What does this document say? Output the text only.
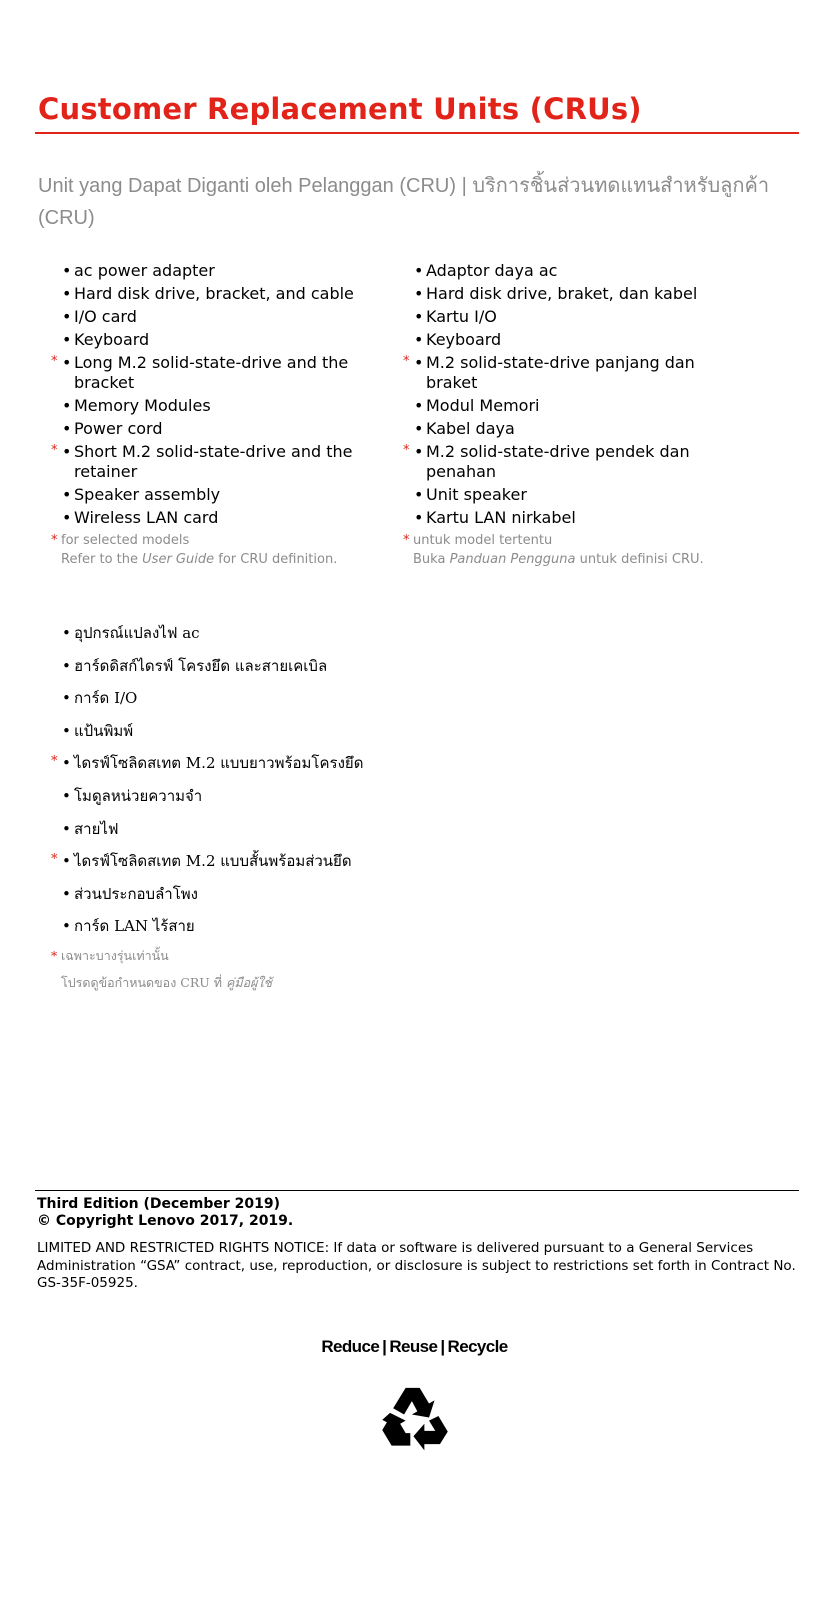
Customer Replacement Units (CRUs)

Unit yang Dapat Diganti oleh Pelanggan (CRU) | บริการชิ้นส่วนทดแทนสำหรับลูกค้า (CRU)

• ac power adapter
• Hard disk drive, bracket, and cable
• I/O card
• Keyboard
* • Long M.2 solid-state-drive and the bracket
• Memory Modules
• Power cord
* • Short M.2 solid-state-drive and the retainer
• Speaker assembly
• Wireless LAN card
* for selected models
Refer to the User Guide for CRU definition.
• Adaptor daya ac
• Hard disk drive, braket, dan kabel
• Kartu I/O
• Keyboard
* • M.2 solid-state-drive panjang dan braket
• Modul Memori
• Kabel daya
* • M.2 solid-state-drive pendek dan penahan
• Unit speaker
• Kartu LAN nirkabel
* untuk model tertentu
Buka Panduan Pengguna untuk definisi CRU.
• อุปกรณ์แปลงไฟ ac
• ฮาร์ดดิสก์ไดรฟ์ โครงยึด และสายเคเบิล
• การ์ด I/O
• แป้นพิมพ์
* • ไดรฟ์โซลิดสเทต M.2 แบบยาวพร้อมโครงยึด
• โมดูลหน่วยความจำ
• สายไฟ
* • ไดรฟ์โซลิดสเทต M.2 แบบสั้นพร้อมส่วนยึด
• ส่วนประกอบลำโพง
• การ์ด LAN ไร้สาย
* เฉพาะบางรุ่นเท่านั้น
โปรดดูข้อกำหนดของ CRU ที่ คู่มือผู้ใช้

Third Edition (December 2019)

© Copyright Lenovo 2017, 2019.

LIMITED AND RESTRICTED RIGHTS NOTICE: If data or software is delivered pursuant to a General Services Administration “GSA” contract, use, reproduction, or disclosure is subject to restrictions set forth in Contract No. GS-35F-05925.

Reduce | Reuse | Recycle
